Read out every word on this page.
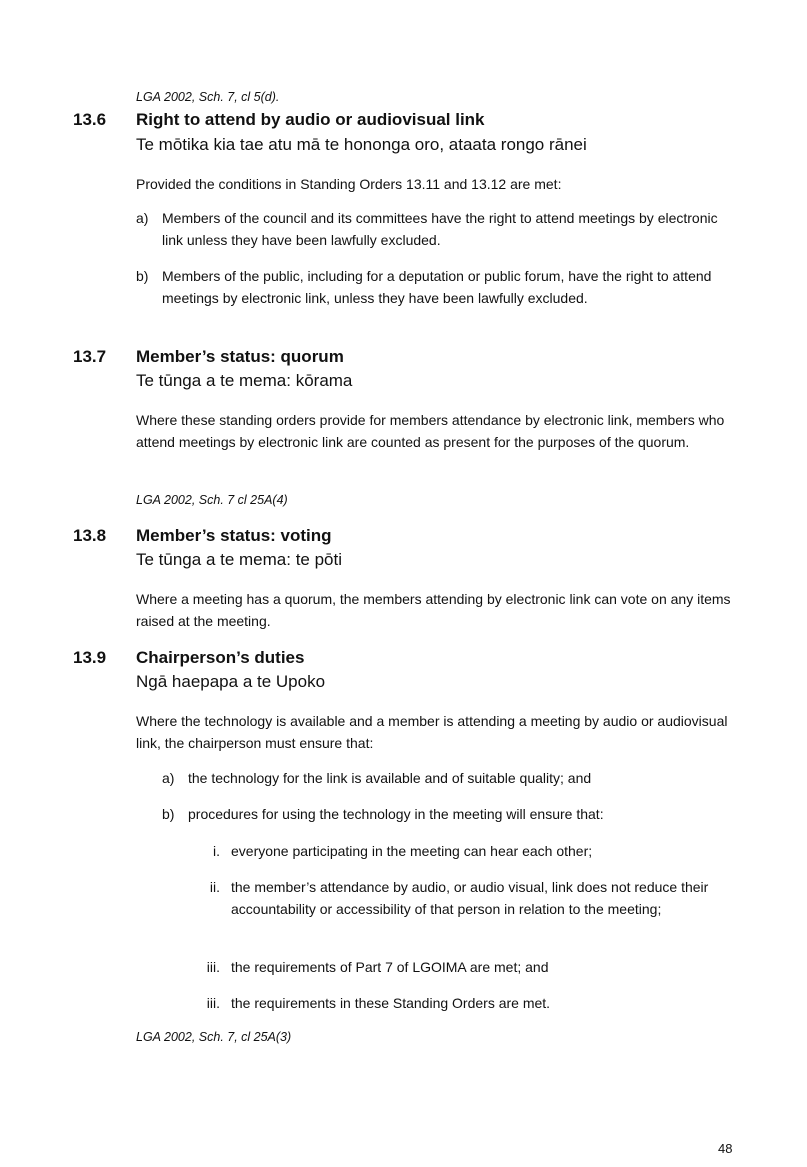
LGA 2002, Sch. 7, cl 5(d).
13.6 Right to attend by audio or audiovisual link
Te mōtika kia tae atu mā te hononga oro, ataata rongo rānei
Provided the conditions in Standing Orders 13.11 and 13.12 are met:
a) Members of the council and its committees have the right to attend meetings by electronic link unless they have been lawfully excluded.
b) Members of the public, including for a deputation or public forum, have the right to attend meetings by electronic link, unless they have been lawfully excluded.
13.7 Member’s status: quorum
Te tūnga a te mema: kōrama
Where these standing orders provide for members attendance by electronic link, members who attend meetings by electronic link are counted as present for the purposes of the quorum.
LGA 2002, Sch. 7 cl 25A(4)
13.8 Member’s status: voting
Te tūnga a te mema: te pōti
Where a meeting has a quorum, the members attending by electronic link can vote on any items raised at the meeting.
13.9 Chairperson’s duties
Ngā haepapa a te Upoko
Where the technology is available and a member is attending a meeting by audio or audiovisual link, the chairperson must ensure that:
a) the technology for the link is available and of suitable quality; and
b) procedures for using the technology in the meeting will ensure that:
i. everyone participating in the meeting can hear each other;
ii. the member’s attendance by audio, or audio visual, link does not reduce their accountability or accessibility of that person in relation to the meeting;
iii. the requirements of Part 7 of LGOIMA are met; and
iii. the requirements in these Standing Orders are met.
LGA 2002, Sch. 7, cl 25A(3)
48
